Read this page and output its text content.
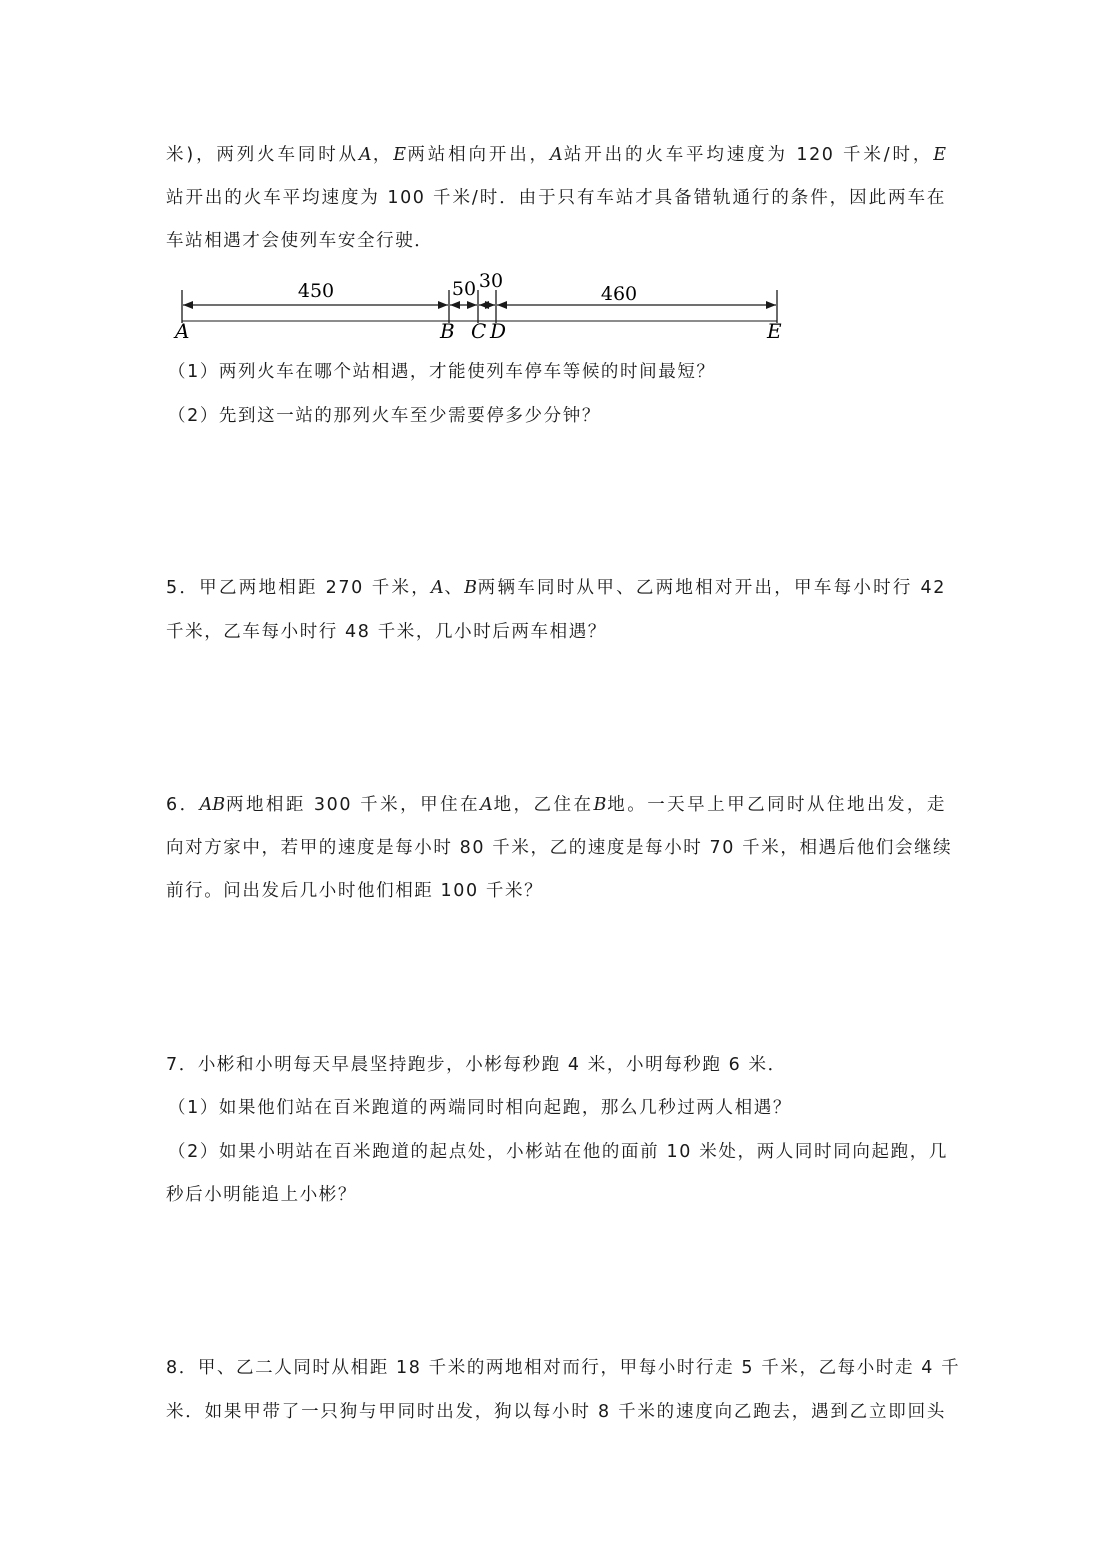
米)，两列火车同时从A，E两站相向开出，A站开出的火车平均速度为 120 千米/时，E
站开出的火车平均速度为 100 千米/时．由于只有车站才具备错轨通行的条件，因此两车在
车站相遇才会使列车安全行驶．
450	50 30
460
A	B C D	E
（1）两列火车在哪个站相遇，才能使列车停车等候的时间最短？
（2）先到这一站的那列火车至少需要停多少分钟？
5．甲乙两地相距 270 千米，A、B两辆车同时从甲、乙两地相对开出，甲车每小时行 42
千米，乙车每小时行 48 千米，几小时后两车相遇？
6．AB两地相距 300 千米，甲住在A地，乙住在B地。一天早上甲乙同时从住地出发，走
向对方家中，若甲的速度是每小时 80 千米，乙的速度是每小时 70 千米，相遇后他们会继续
前行。问出发后几小时他们相距 100 千米？
7．小彬和小明每天早晨坚持跑步，小彬每秒跑 4 米，小明每秒跑 6 米．
（1）如果他们站在百米跑道的两端同时相向起跑，那么几秒过两人相遇？
（2）如果小明站在百米跑道的起点处，小彬站在他的面前 10 米处，两人同时同向起跑，几
秒后小明能追上小彬？
8．甲、乙二人同时从相距 18 千米的两地相对而行，甲每小时行走 5 千米，乙每小时走 4 千
米．如果甲带了一只狗与甲同时出发，狗以每小时 8 千米的速度向乙跑去，遇到乙立即回头
